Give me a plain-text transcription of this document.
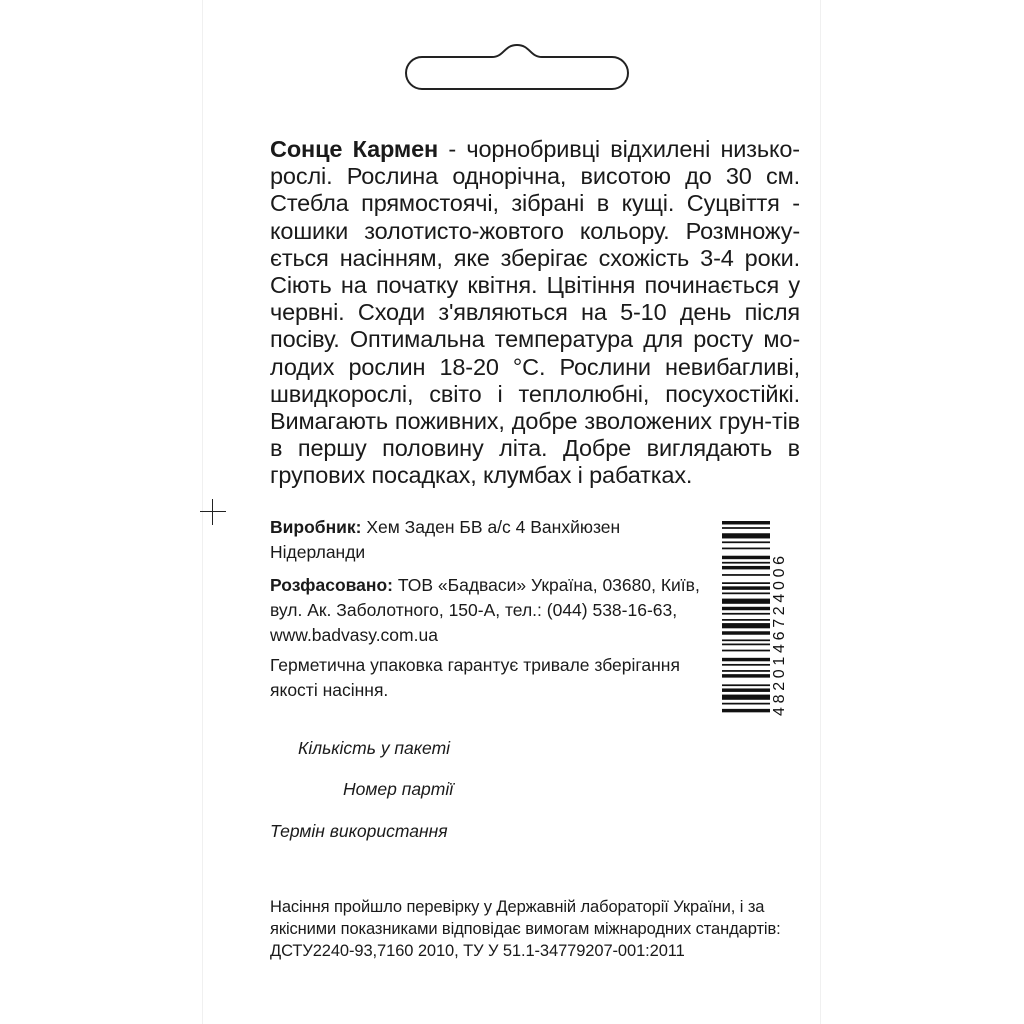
Сонце Кармен - чорнобривці відхилені низько-рослі. Рослина однорічна, висотою до 30 см. Стебла прямостоячі, зібрані в кущі. Суцвіття - кошики золотисто-жовтого кольору. Розмножу-ється насінням, яке зберігає схожість 3-4 роки. Сіють на початку квітня. Цвітіння починається у червні. Сходи з'являються на 5-10 день після посіву. Оптимальна температура для росту мо-лодих рослин 18-20 °С. Рослини невибагливі, швидкорослі, світо і теплолюбні, посухостійкі. Вимагають поживних, добре зволожених грун-тів в першу половину літа. Добре виглядають в групових посадках, клумбах і рабатках.
Виробник: Хем Заден БВ а/с 4 Ванхйюзен Нідерланди
Розфасовано: ТОВ «Бадваси» Україна, 03680, Київ, вул. Ак. Заболотного, 150-А, тел.: (044) 538-16-63, www.badvasy.com.ua
Герметична упаковка гарантує тривале зберігання якості насіння.
Кількість у пакеті
Номер партії
Термін використання
Насіння пройшло перевірку у Державній лабораторії України, і за якісними показниками відповідає вимогам міжнародних стандартів: ДСТУ2240-93,7160 2010, ТУ У 51.1-34779207-001:2011
4820146724006
